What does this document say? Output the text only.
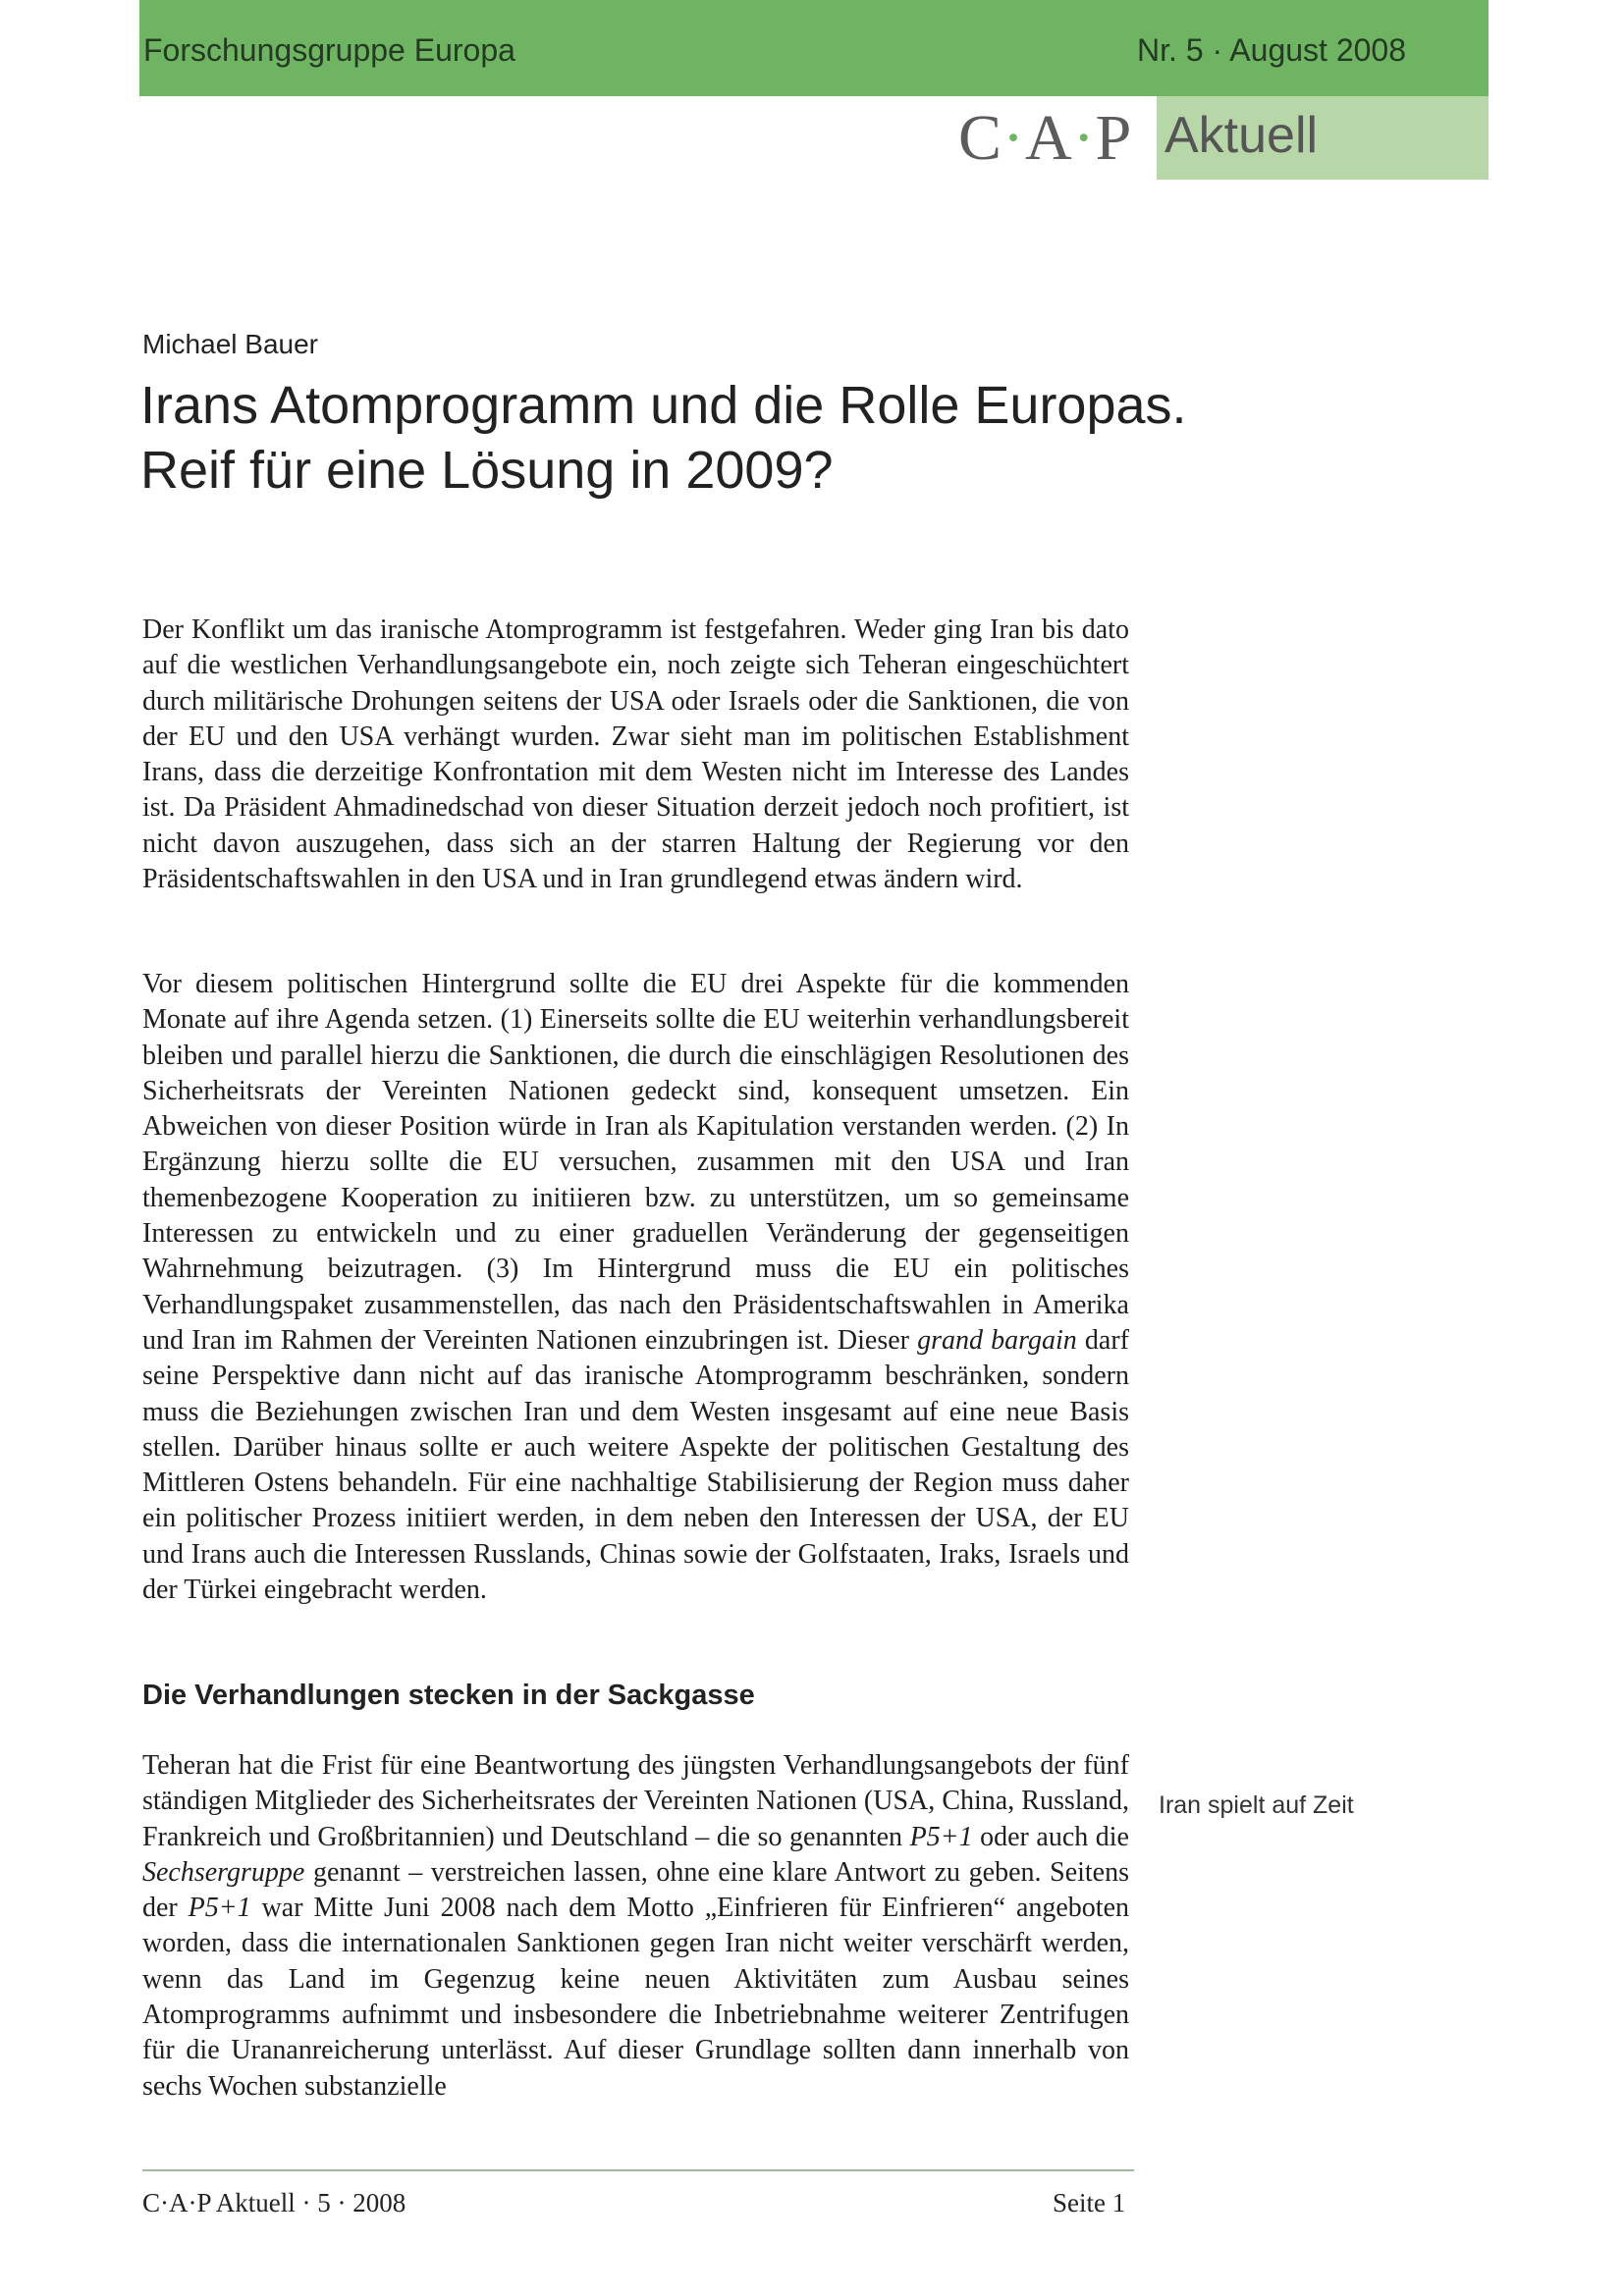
Forschungsgruppe Europa	Nr. 5 · August 2008
C·A·P Aktuell
Michael Bauer
Irans Atomprogramm und die Rolle Europas.
Reif für eine Lösung in 2009?

Der Konflikt um das iranische Atomprogramm ist festgefahren. Weder ging Iran bis dato auf die westlichen Verhandlungsangebote ein, noch zeigte sich Teheran eingeschüchtert durch militärische Drohungen seitens der USA oder Israels oder die Sanktionen, die von der EU und den USA verhängt wurden. Zwar sieht man im politischen Establishment Irans, dass die derzeitige Konfrontation mit dem Westen nicht im Interesse des Landes ist. Da Präsident Ahmadinedschad von dieser Situation derzeit jedoch noch profitiert, ist nicht davon auszugehen, dass sich an der starren Haltung der Regierung vor den Präsidentschaftswahlen in den USA und in Iran grundlegend etwas ändern wird.

Vor diesem politischen Hintergrund sollte die EU drei Aspekte für die kommenden Monate auf ihre Agenda setzen. (1) Einerseits sollte die EU weiterhin verhandlungsbereit bleiben und parallel hierzu die Sanktionen, die durch die einschlägigen Resolutionen des Sicherheitsrats der Vereinten Nationen gedeckt sind, konsequent umsetzen. Ein Abweichen von dieser Position würde in Iran als Kapitulation verstanden werden. (2) In Ergänzung hierzu sollte die EU versuchen, zusammen mit den USA und Iran themenbezogene Kooperation zu initiieren bzw. zu unterstützen, um so gemeinsame Interessen zu entwickeln und zu einer graduellen Veränderung der gegenseitigen Wahrnehmung beizutragen. (3) Im Hintergrund muss die EU ein politisches Verhandlungspaket zusammenstellen, das nach den Präsidentschaftswahlen in Amerika und Iran im Rahmen der Vereinten Nationen einzubringen ist. Dieser grand bargain darf seine Perspektive dann nicht auf das iranische Atomprogramm beschränken, sondern muss die Beziehungen zwischen Iran und dem Westen insgesamt auf eine neue Basis stellen. Darüber hinaus sollte er auch weitere Aspekte der politischen Gestaltung des Mittleren Ostens behandeln. Für eine nachhaltige Stabilisierung der Region muss daher ein politischer Prozess initiiert werden, in dem neben den Interessen der USA, der EU und Irans auch die Interessen Russlands, Chinas sowie der Golfstaaten, Iraks, Israels und der Türkei eingebracht werden.

Die Verhandlungen stecken in der Sackgasse

Teheran hat die Frist für eine Beantwortung des jüngsten Verhandlungsangebots der fünf ständigen Mitglieder des Sicherheitsrates der Vereinten Nationen (USA, China, Russland, Frankreich und Großbritannien) und Deutschland – die so genannten P5+1 oder auch die Sechsergruppe genannt – verstreichen lassen, ohne eine klare Antwort zu geben. Seitens der P5+1 war Mitte Juni 2008 nach dem Motto „Einfrieren für Einfrieren“ angeboten worden, dass die internationalen Sanktionen gegen Iran nicht weiter verschärft werden, wenn das Land im Gegenzug keine neuen Aktivitäten zum Ausbau seines Atomprogramms aufnimmt und insbesondere die Inbetriebnahme weiterer Zentrifugen für die Urananreicherung unterlässt. Auf dieser Grundlage sollten dann innerhalb von sechs Wochen substanzielle

Iran spielt auf Zeit
C·A·P Aktuell · 5 · 2008	Seite 1
